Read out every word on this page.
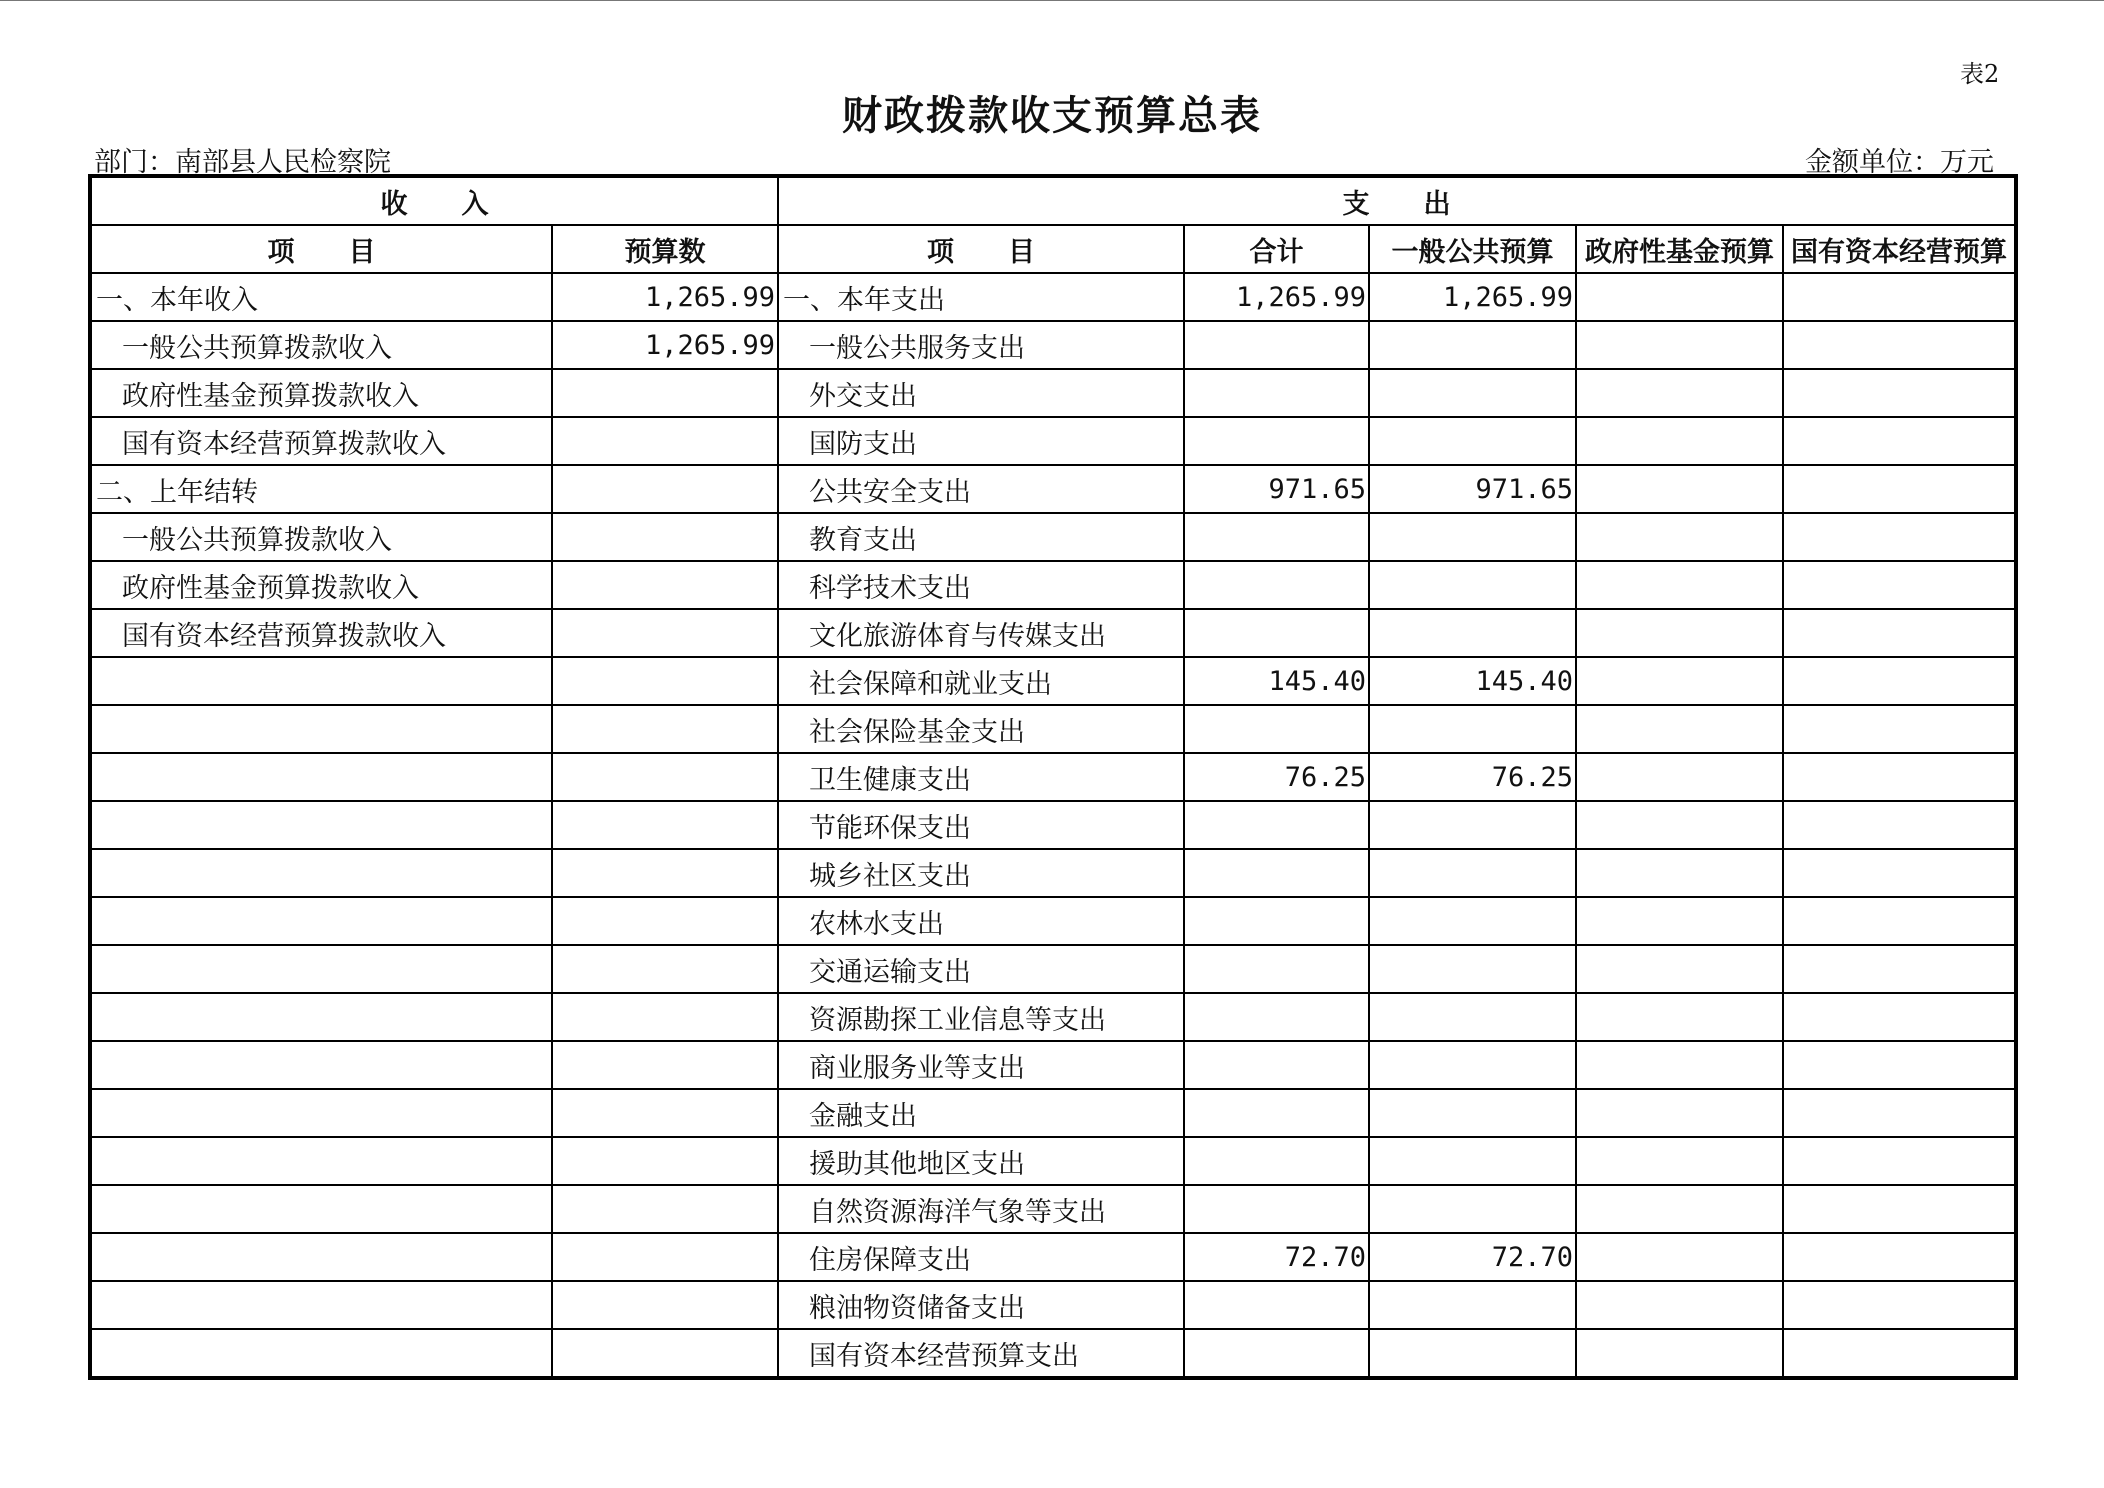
表2
财政拨款收支预算总表
部门：南部县人民检察院	金额单位：万元
收　　入		支　　出				
项　　目	预算数	项　　目	合计	一般公共预算	政府性基金预算	国有资本经营预算
一、本年收入	1,265.99	一、本年支出	1,265.99	1,265.99		
一般公共预算拨款收入	1,265.99	一般公共服务支出				
政府性基金预算拨款收入		外交支出				
国有资本经营预算拨款收入		国防支出				
二、上年结转		公共安全支出	971.65	971.65		
一般公共预算拨款收入		教育支出				
政府性基金预算拨款收入		科学技术支出				
国有资本经营预算拨款收入		文化旅游体育与传媒支出				
		社会保障和就业支出	145.40	145.40		
		社会保险基金支出				
		卫生健康支出	76.25	76.25		
		节能环保支出				
		城乡社区支出				
		农林水支出				
		交通运输支出				
		资源勘探工业信息等支出				
		商业服务业等支出				
		金融支出				
		援助其他地区支出				
		自然资源海洋气象等支出				
		住房保障支出	72.70	72.70		
		粮油物资储备支出				
		国有资本经营预算支出				
